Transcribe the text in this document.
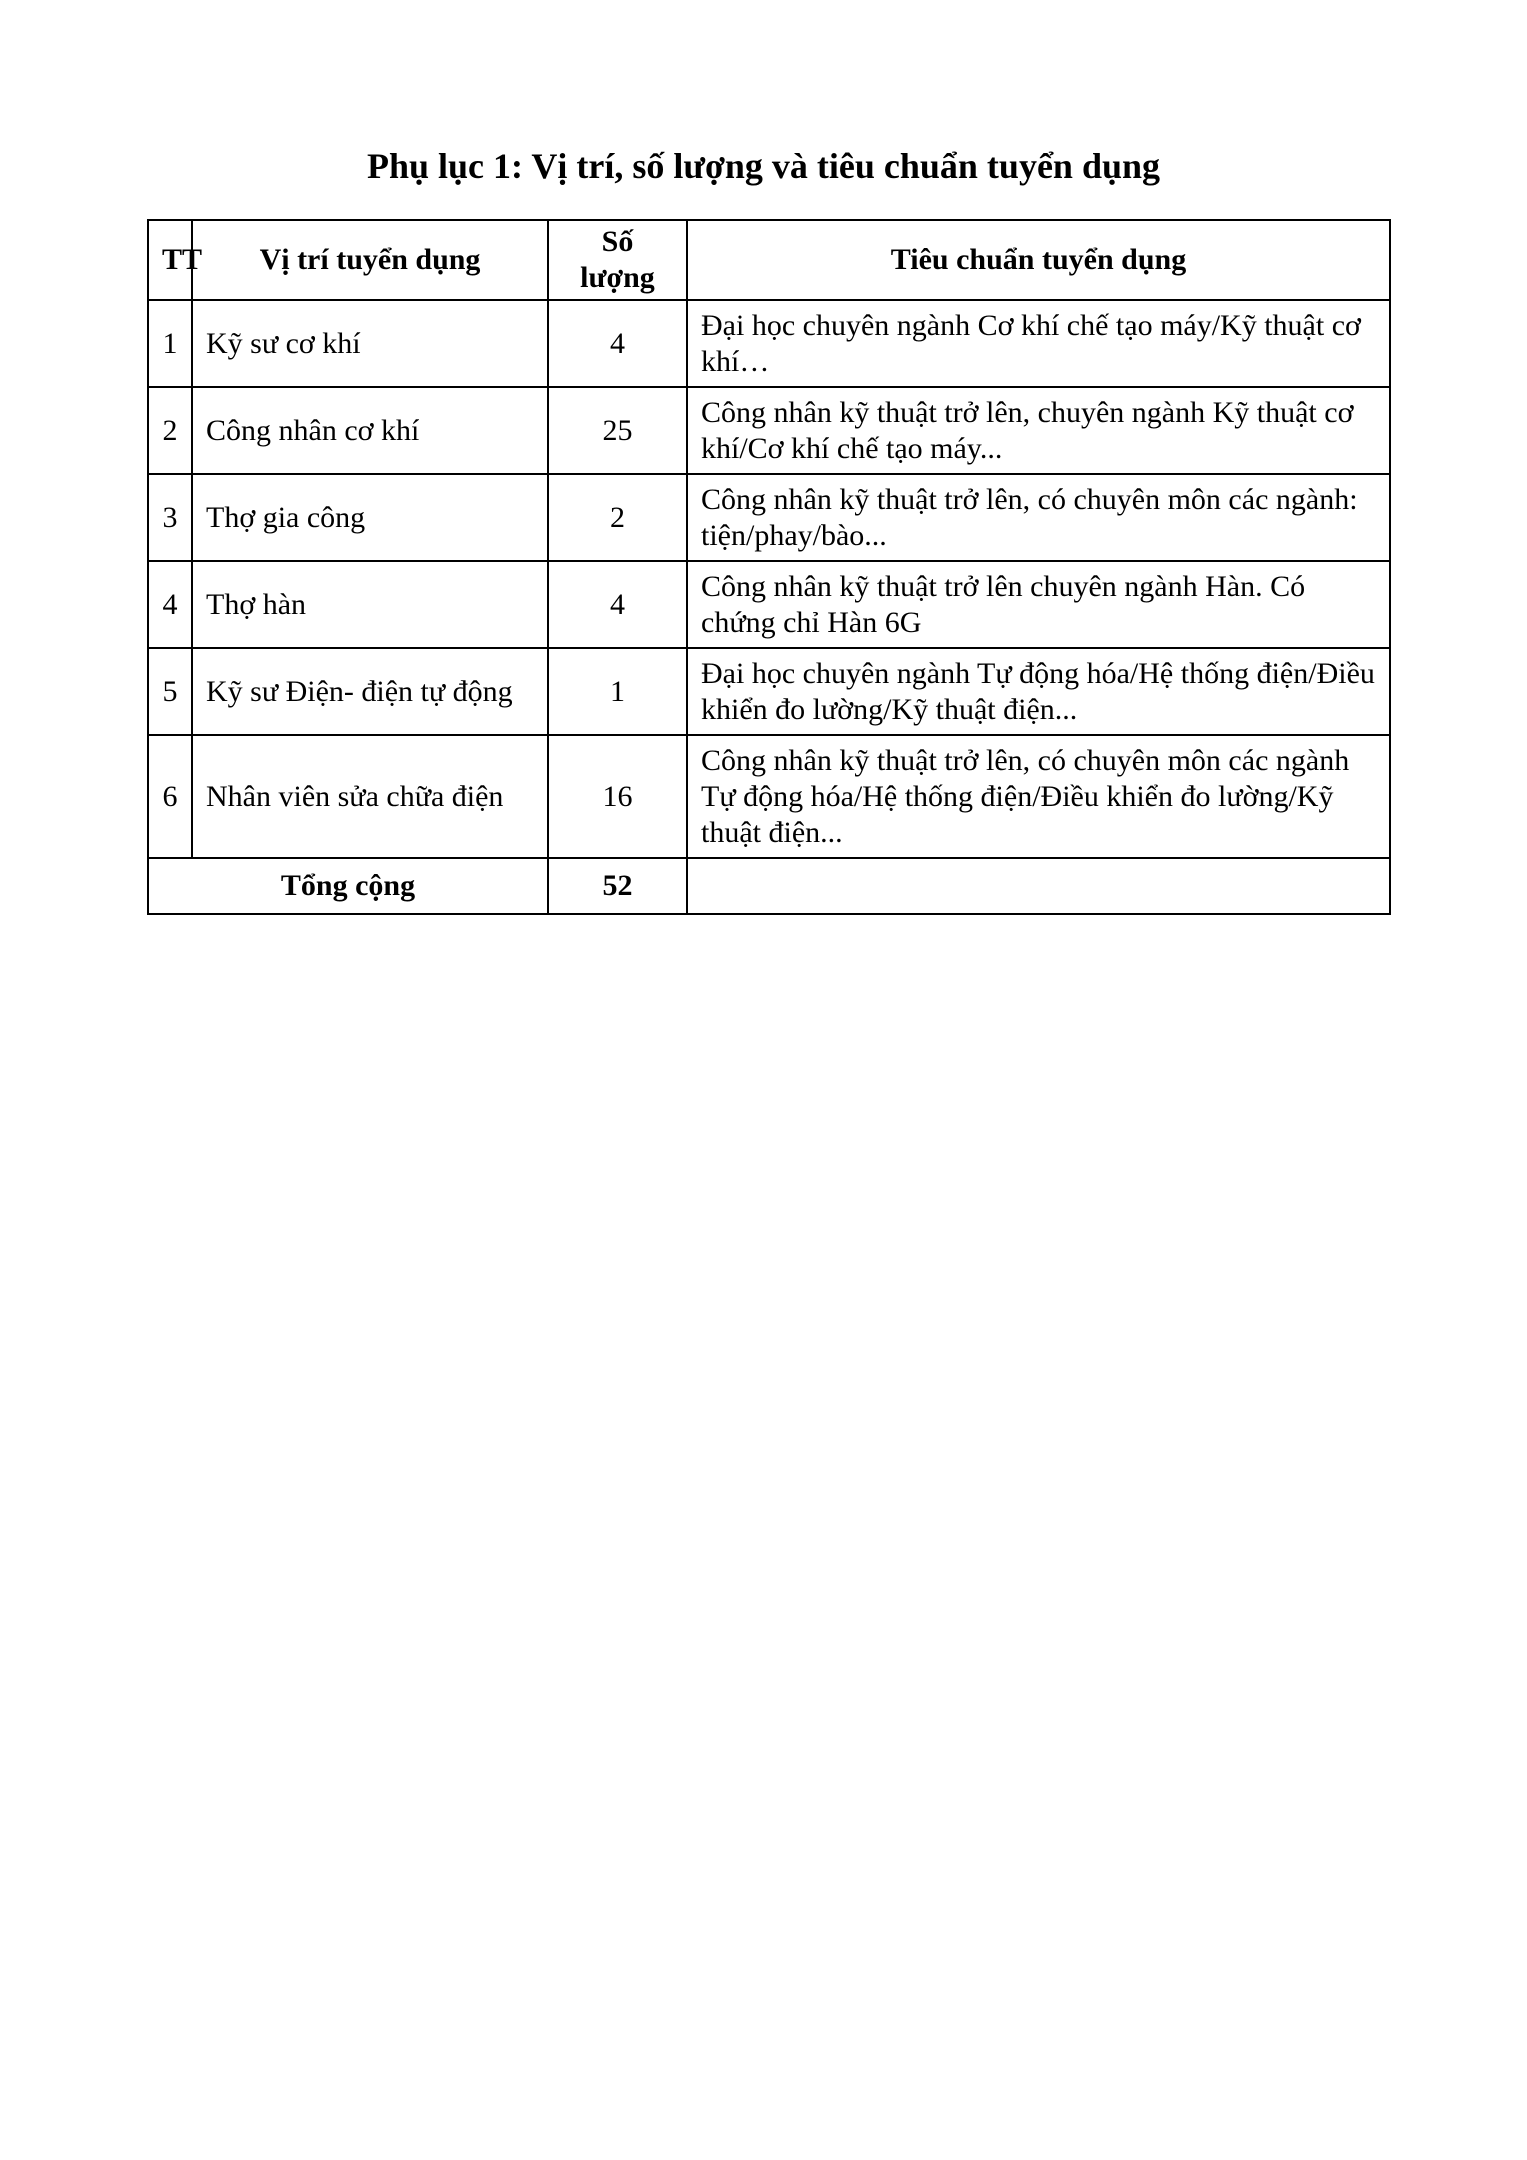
Phụ lục 1: Vị trí, số lượng và tiêu chuẩn tuyển dụng
TT	Vị trí tuyển dụng	Số lượng	Tiêu chuẩn tuyển dụng
1	Kỹ sư cơ khí	4	Đại học chuyên ngành Cơ khí chế tạo máy/Kỹ thuật cơ khí…
2	Công nhân cơ khí	25	Công nhân kỹ thuật trở lên, chuyên ngành Kỹ thuật cơ khí/Cơ khí chế tạo máy...
3	Thợ gia công	2	Công nhân kỹ thuật trở lên, có chuyên môn các ngành: tiện/phay/bào...
4	Thợ hàn	4	Công nhân kỹ thuật trở lên chuyên ngành Hàn. Có chứng chỉ Hàn 6G
5	Kỹ sư Điện- điện tự động	1	Đại học chuyên ngành Tự động hóa/Hệ thống điện/Điều khiển đo lường/Kỹ thuật điện...
6	Nhân viên sửa chữa điện	16	Công nhân kỹ thuật trở lên, có chuyên môn các ngành Tự động hóa/Hệ thống điện/Điều khiển đo lường/Kỹ thuật điện...
Tổng cộng		52	
